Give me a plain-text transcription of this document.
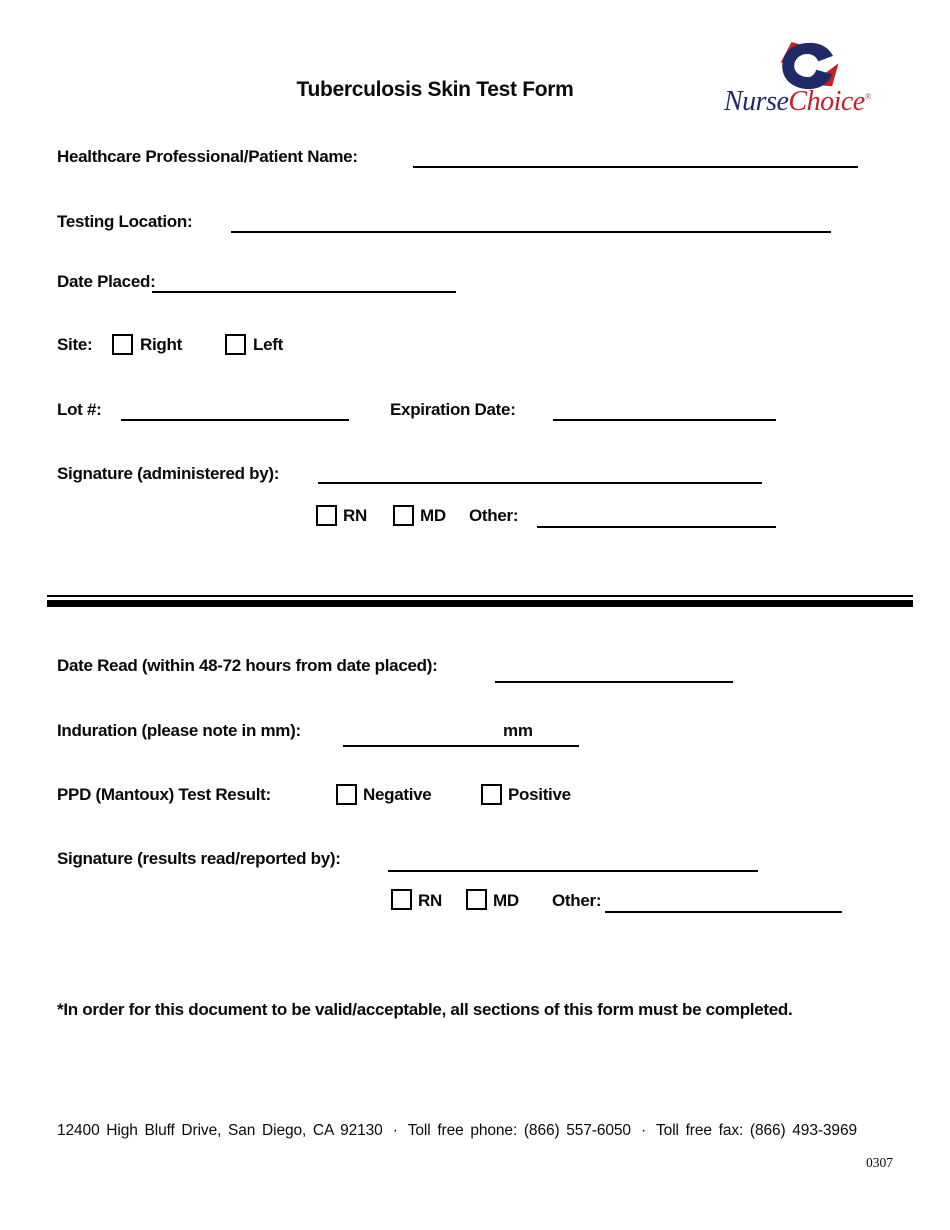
Tuberculosis Skin Test Form	NurseChoice®
Healthcare Professional/Patient Name:
Testing Location:
Date Placed:
Site:	Right	Left
Lot #:	Expiration Date:
Signature (administered by):
RN	MD Other:
Date Read (within 48-72 hours from date placed):
Induration (please note in mm):	mm
PPD (Mantoux) Test Result:	Negative	Positive
Signature (results read/reported by):
RN	MD Other:
*In order for this document to be valid/acceptable, all sections of this form must be completed.
12400 High Bluff Drive, San Diego, CA 92130 · Toll free phone: (866) 557-6050 · Toll free fax: (866) 493-3969
0307
